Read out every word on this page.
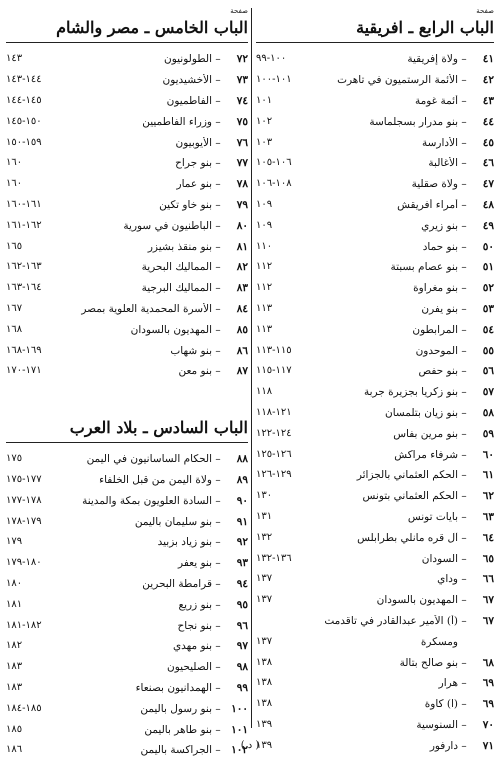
صفحة
الباب الرابع ـ افريقية
٤١
–
ولاة إفريقية
١٠٠-٩٩
٤٢
–
الأئمة الرستميون في تاهرت
١٠١-١٠٠
٤٣
–
أئمة غومة
١٠١
٤٤
–
بنو مدرار بسجلماسة
١٠٢
٤٥
–
الأدارسة
١٠٣
٤٦
–
الأغالبة
١٠٦-١٠٥
٤٧
–
ولاة صقلية
١٠٨-١٠٦
٤٨
–
أمراء أفريقش
١٠٩
٤٩
–
بنو زيري
١٠٩
٥٠
–
بنو حماد
١١٠
٥١
–
بنو عصام بسبتة
١١٢
٥٢
–
بنو مغراوة
١١٢
٥٣
–
بنو يفرن
١١٣
٥٤
–
المرابطون
١١٣
٥٥
–
الموحدون
١١٥-١١٣
٥٦
–
بنو حفص
١١٧-١١٥
٥٧
–
بنو زكريا بجزيرة جربة
١١٨
٥٨
–
بنو زيان بتلمسان
١٢١-١١٨
٥٩
–
بنو مرين بفاس
١٢٤-١٢٢
٦٠
–
شرفاء مراكش
١٢٦-١٢٥
٦١
–
الحكم العثماني بالجزائر
١٢٩-١٢٦
٦٢
–
الحكم العثماني بتونس
١٣٠
٦٣
–
بايات تونس
١٣١
٦٤
–
آل قره مانلي بطرابلس
١٣٢
٦٥
–
السودان
١٣٦-١٣٢
٦٦
–
وداي
١٣٧
٦٧
–
المهديون بالسودان
١٣٧
٦٧
–
(أ) الأمير عبدالقادر في تاقدمت
ومسكرة
١٣٧
٦٨
–
بنو صالح بتالة
١٣٨
٦٩
–
هرار
١٣٨
٦٩
–
(ا) كاوة
١٣٨
٧٠
–
السنوسية
١٣٩
٧١
–
دارفور
١٣٩
صفحة
الباب الخامس ـ مصر والشام
٧٢
–
الطولونيون
١٤٣
٧٣
–
الأخشيديون
١٤٤-١٤٣
٧٤
–
الفاطميون
١٤٥-١٤٤
٧٥
–
وزراء الفاطميين
١٥٠-١٤٥
٧٦
–
الأيوبيون
١٥٩-١٥٠
٧٧
–
بنو جراح
١٦٠
٧٨
–
بنو عمار
١٦٠
٧٩
–
بنو خاو تكين
١٦١-١٦٠
٨٠
–
الباطنيون في سورية
١٦٢-١٦١
٨١
–
بنو منقذ بشيزر
١٦٥
٨٢
–
المماليك البحرية
١٦٣-١٦٢
٨٣
–
المماليك البرجية
١٦٤-١٦٣
٨٤
–
الأسرة المحمدية العلوية بمصر
١٦٧
٨٥
–
المهديون بالسودان
١٦٨
٨٦
–
بنو شهاب
١٦٩-١٦٨
٨٧
–
بنو معن
١٧١-١٧٠
الباب السادس ـ بلاد العرب
٨٨
–
الحكام الساسانيون في اليمن
١٧٥
٨٩
–
ولاة اليمن من قبل الخلفاء
١٧٧-١٧٥
٩٠
–
السادة العلويون بمكة والمدينة
١٧٨-١٧٧
٩١
–
بنو سليمان باليمن
١٧٩-١٧٨
٩٢
–
بنو زياد بزبيد
١٧٩
٩٣
–
بنو يعفر
١٨٠-١٧٩
٩٤
–
قرامطة البحرين
١٨٠
٩٥
–
بنو زريع
١٨١
٩٦
–
بنو نجاح
١٨٢-١٨١
٩٧
–
بنو مهدي
١٨٢
٩٨
–
الصليحيون
١٨٣
٩٩
–
الهمدانيون بصنعاء
١٨٣
١٠٠
–
بنو رسول باليمن
١٨٥-١٨٤
١٠١
–
بنو طاهر باليمن
١٨٥
١٠٢
–
الجراكسة باليمن
١٨٦	( د )
